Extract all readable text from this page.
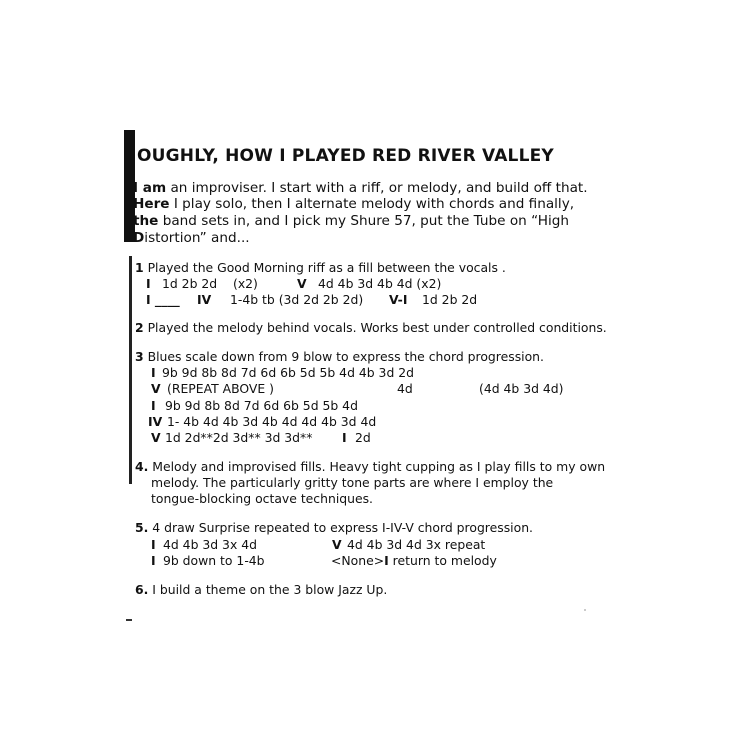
OUGHLY, HOW I PLAYED RED RIVER VALLEY
I am an improviser. I start with a riff, or melody, and build off that.
Here I play solo, then I alternate melody with chords and finally,
the band sets in, and I pick my Shure 57, put the Tube on “High
Distortion” and...
1 Played the Good Morning riff as a fill between the vocals .
I 1d 2b 2d (x2)	V 4d 4b 3d 4b 4d (x2)
I ____ IV 1-4b tb (3d 2d 2b 2d) V-I 1d 2b 2d
2 Played the melody behind vocals. Works best under controlled conditions.
3 Blues scale down from 9 blow to express the chord progression.
I 9b 9d 8b 8d 7d 6d 6b 5d 5b 4d 4b 3d 2d
V (REPEAT ABOVE )	4d	(4d 4b 3d 4d)
I 9b 9d 8b 8d 7d 6d 6b 5d 5b 4d
IV 1- 4b 4d 4b 3d 4b 4d 4d 4b 3d 4d
V 1d 2d**2d 3d** 3d 3d** I 2d
4. Melody and improvised fills. Heavy tight cupping as I play fills to my own
melody. The particularly gritty tone parts are where I employ the
tongue-blocking octave techniques.
5. 4 draw Surprise repeated to express I-IV-V chord progression.
I 4d 4b 3d 3x 4d	V 4d 4b 3d 4d 3x repeat
I 9b down to 1-4b	<None>I return to melody
6. I build a theme on the 3 blow Jazz Up.
